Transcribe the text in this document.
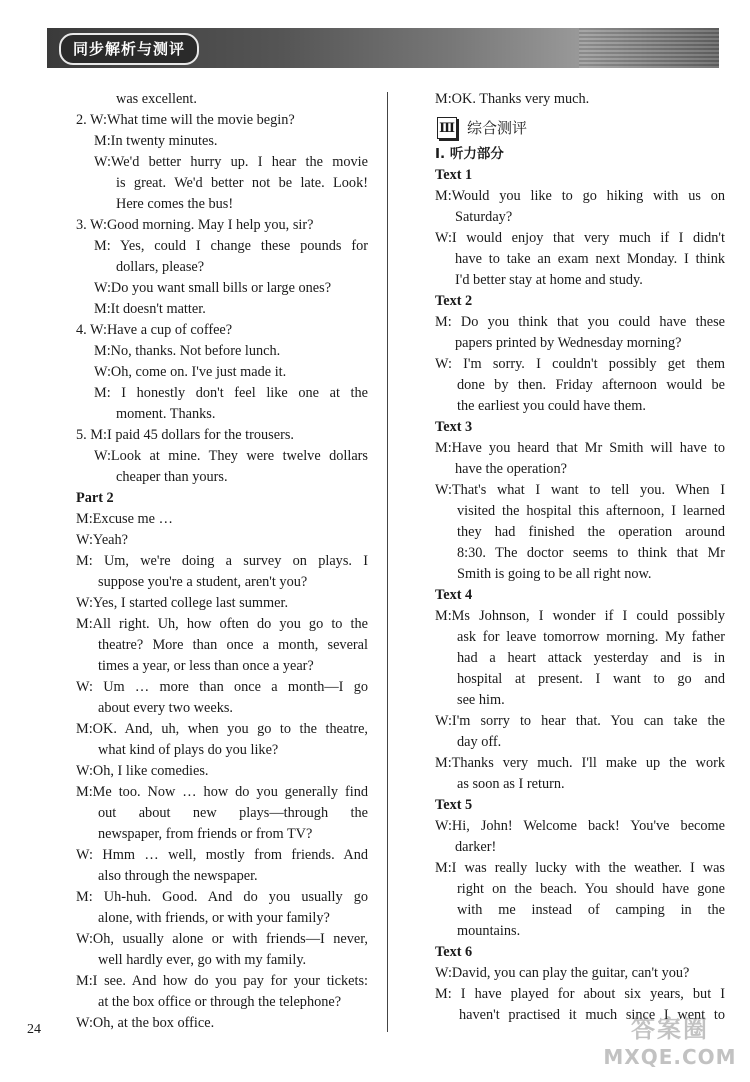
同步解析与测评
was excellent.
2. W:What time will the movie begin?
M:In twenty minutes.
W:We'd better hurry up. I hear the movie
is great. We'd better not be late. Look!
Here comes the bus!
3. W:Good morning. May I help you, sir?
M: Yes, could I change these pounds for
dollars, please?
W:Do you want small bills or large ones?
M:It doesn't matter.
4. W:Have a cup of coffee?
M:No, thanks. Not before lunch.
W:Oh, come on. I've just made it.
M: I honestly don't feel like one at the
moment. Thanks.
5. M:I paid 45 dollars for the trousers.
W:Look at mine. They were twelve dollars
cheaper than yours.
Part 2
M:Excuse me …
W:Yeah?
M: Um, we're doing a survey on plays. I
suppose you're a student, aren't you?
W:Yes, I started college last summer.
M:All right. Uh, how often do you go to the
theatre? More than once a month, several
times a year, or less than once a year?
W: Um … more than once a month—I go
about every two weeks.
M:OK. And, uh, when you go to the theatre,
what kind of plays do you like?
W:Oh, I like comedies.
M:Me too. Now … how do you generally find
out about new plays—through the
newspaper, from friends or from TV?
W: Hmm … well, mostly from friends. And
also through the newspaper.
M: Uh-huh. Good. And do you usually go
alone, with friends, or with your family?
W:Oh, usually alone or with friends—I never,
well hardly ever, go with my family.
M:I see. And how do you pay for your tickets:
at the box office or through the telephone?
W:Oh, at the box office.
M:OK. Thanks very much.
Ⅲ 综合测评
Ⅰ. 听力部分
Text 1
M:Would you like to go hiking with us on
Saturday?
W:I would enjoy that very much if I didn't
have to take an exam next Monday. I think
I'd better stay at home and study.
Text 2
M: Do you think that you could have these
papers printed by Wednesday morning?
W: I'm sorry. I couldn't possibly get them
done by then. Friday afternoon would be
the earliest you could have them.
Text 3
M:Have you heard that Mr Smith will have to
have the operation?
W:That's what I want to tell you. When I
visited the hospital this afternoon, I learned
they had finished the operation around
8:30. The doctor seems to think that Mr
Smith is going to be all right now.
Text 4
M:Ms Johnson, I wonder if I could possibly
ask for leave tomorrow morning. My father
had a heart attack yesterday and is in
hospital at present. I want to go and
see him.
W:I'm sorry to hear that. You can take the
day off.
M:Thanks very much. I'll make up the work
as soon as I return.
Text 5
W:Hi, John! Welcome back! You've become
darker!
M:I was really lucky with the weather. I was
right on the beach. You should have gone
with me instead of camping in the
mountains.
Text 6
W:David, you can play the guitar, can't you?
M: I have played for about six years, but I
haven't practised it much since I went to
24	答案圈
MXQE.COM
